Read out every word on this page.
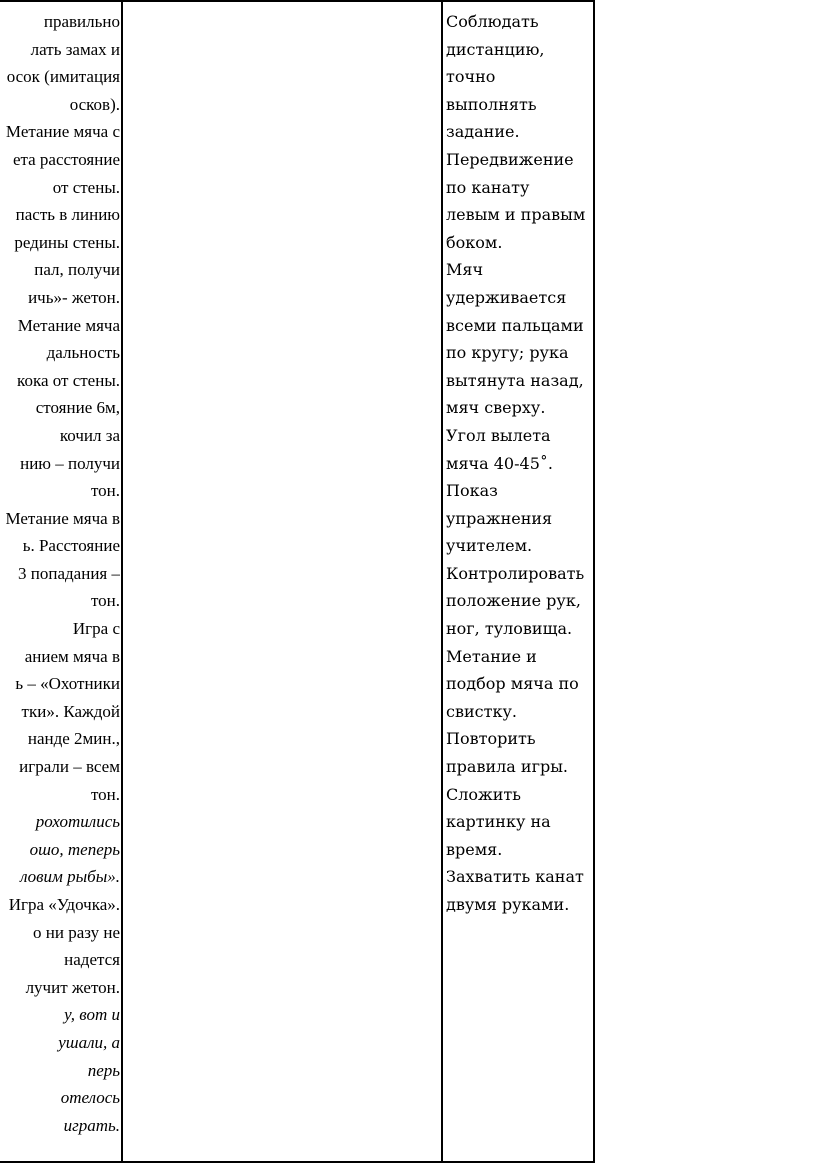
правильно
лать замах и
осок (имитация
осков).
Метание мяча с
ета расстояние
от стены.
пасть в линию
редины стены.
пал, получи
ичь»- жетон.
Метание мяча
дальность
кока от стены.
стояние 6м,
кочил за
нию – получи
тон.
Метание мяча в
ь. Расстояние
3 попадания –
тон.
Игра с
анием мяча в
ь – «Охотники
тки». Каждой
нанде 2мин.,
играли – всем
тон.
рохотились
ошо, теперь
ловим рыбы».
Игра «Удочка».
о ни разу не
надется
лучит жетон.
у, вот и
ушали, а
перь
отелось
играть.
Соблюдать
дистанцию,
точно
выполнять
задание.
Передвижение
по канату
левым и правым
боком.
Мяч
удерживается
всеми пальцами
по кругу; рука
вытянута назад,
мяч сверху.
Угол вылета
мяча 40-45˚.
Показ
упражнения
учителем.
Контролировать
положение рук,
ног, туловища.
Метание и
подбор мяча по
свистку.
Повторить
правила игры.
Сложить
картинку на
время.
Захватить канат
двумя руками.
